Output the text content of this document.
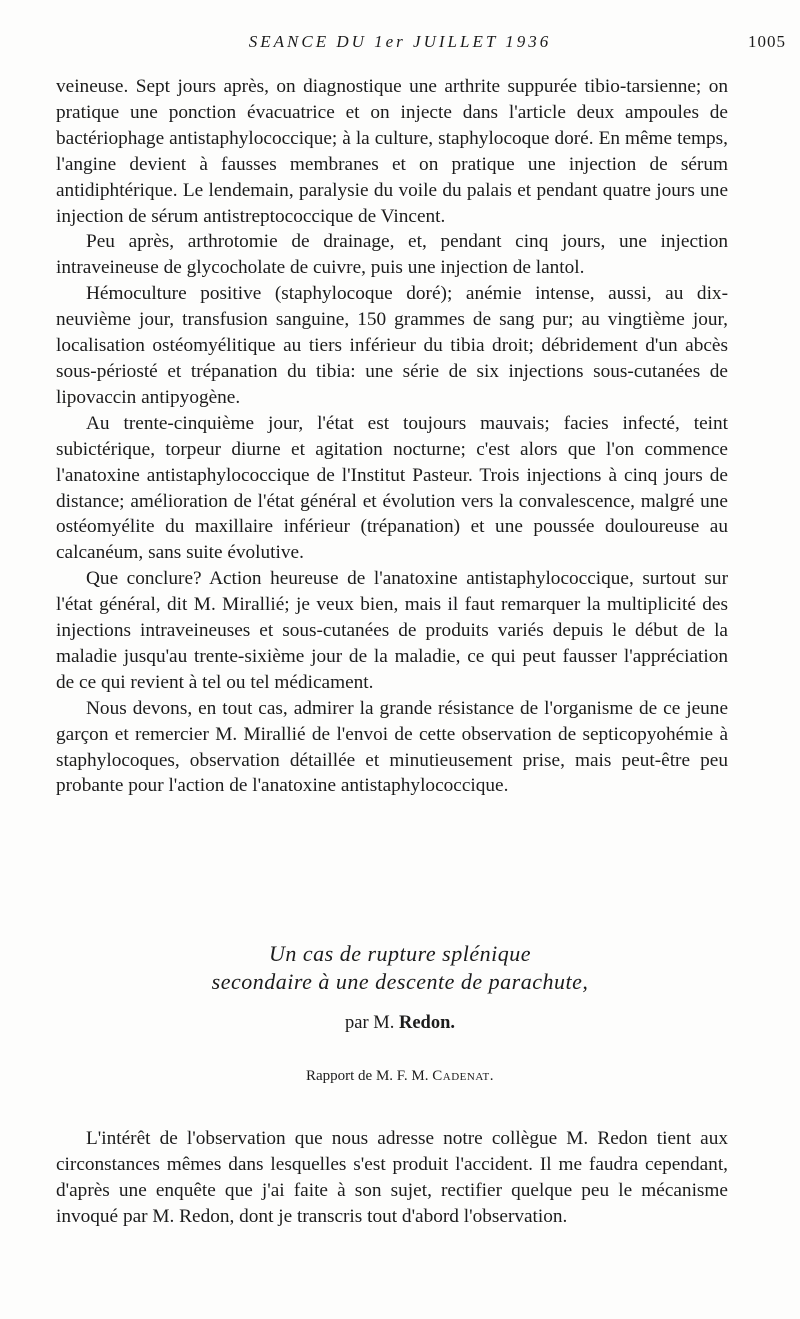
SEANCE DU 1er JUILLET 1936	1005

veineuse. Sept jours après, on diagnostique une arthrite suppurée tibio-tarsienne; on pratique une ponction évacuatrice et on injecte dans l'article deux ampoules de bactériophage antistaphylococcique; à la culture, staphylocoque doré. En même temps, l'angine devient à fausses membranes et on pratique une injection de sérum antidiphtérique. Le lendemain, paralysie du voile du palais et pendant quatre jours une injection de sérum antistreptococcique de Vincent.

Peu après, arthrotomie de drainage, et, pendant cinq jours, une injection intraveineuse de glycocholate de cuivre, puis une injection de lantol.

Hémoculture positive (staphylocoque doré); anémie intense, aussi, au dix-neuvième jour, transfusion sanguine, 150 grammes de sang pur; au vingtième jour, localisation ostéomyélitique au tiers inférieur du tibia droit; débridement d'un abcès sous-périosté et trépanation du tibia: une série de six injections sous-cutanées de lipovaccin antipyogène.

Au trente-cinquième jour, l'état est toujours mauvais; facies infecté, teint subictérique, torpeur diurne et agitation nocturne; c'est alors que l'on commence l'anatoxine antistaphylococcique de l'Institut Pasteur. Trois injections à cinq jours de distance; amélioration de l'état général et évolution vers la convalescence, malgré une ostéomyélite du maxillaire inférieur (trépanation) et une poussée douloureuse au calcanéum, sans suite évolutive.

Que conclure? Action heureuse de l'anatoxine antistaphylococcique, surtout sur l'état général, dit M. Mirallié; je veux bien, mais il faut remarquer la multiplicité des injections intraveineuses et sous-cutanées de produits variés depuis le début de la maladie jusqu'au trente-sixième jour de la maladie, ce qui peut fausser l'appréciation de ce qui revient à tel ou tel médicament.

Nous devons, en tout cas, admirer la grande résistance de l'organisme de ce jeune garçon et remercier M. Mirallié de l'envoi de cette observation de septicopyohémie à staphylocoques, observation détaillée et minutieusement prise, mais peut-être peu probante pour l'action de l'anatoxine antistaphylococcique.

Un cas de rupture splénique
secondaire à une descente de parachute,
par M. Redon.
Rapport de M. F. M. Cadenat.

L'intérêt de l'observation que nous adresse notre collègue M. Redon tient aux circonstances mêmes dans lesquelles s'est produit l'accident. Il me faudra cependant, d'après une enquête que j'ai faite à son sujet, rectifier quelque peu le mécanisme invoqué par M. Redon, dont je transcris tout d'abord l'observation.
